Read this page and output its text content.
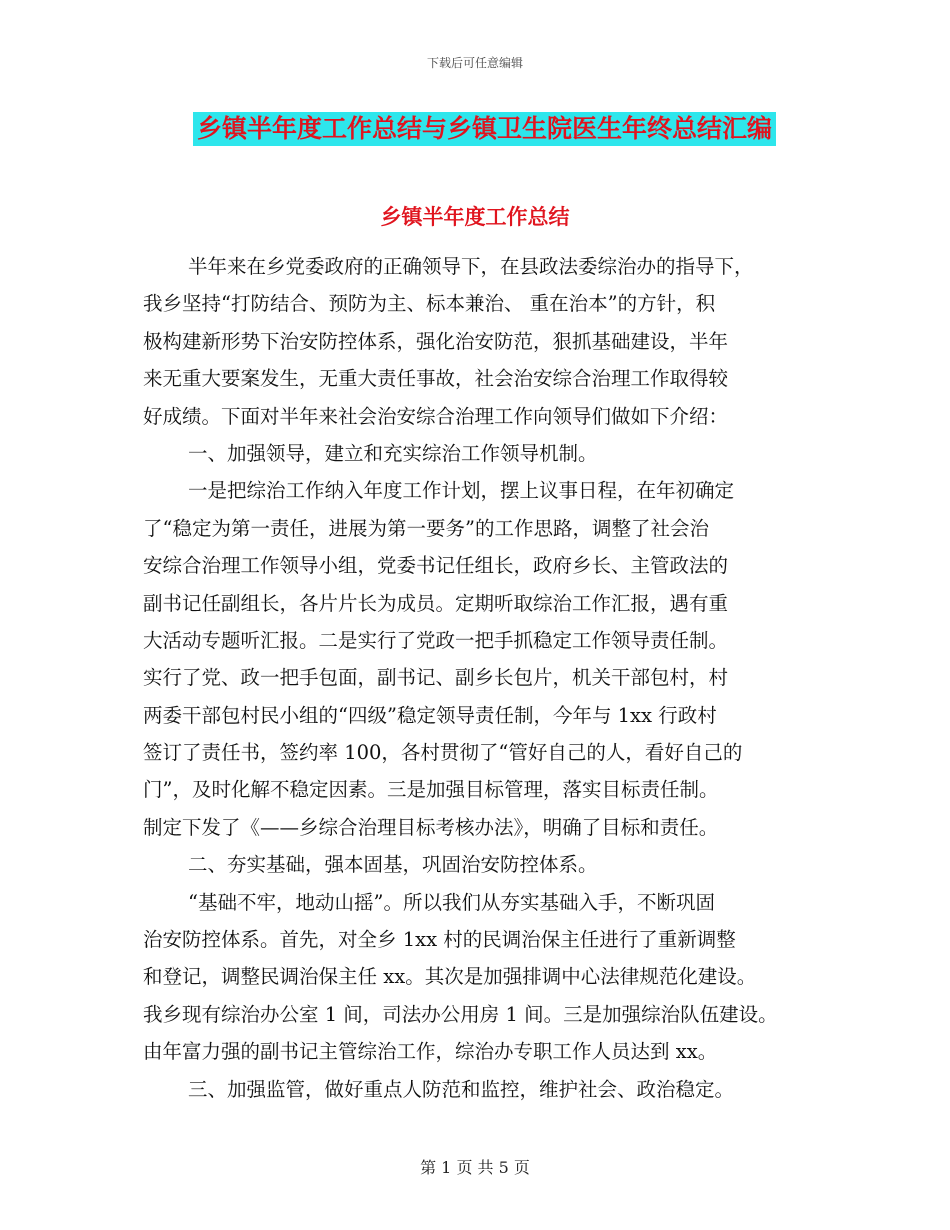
下载后可任意编辑
乡镇半年度工作总结与乡镇卫生院医生年终总结汇编
乡镇半年度工作总结
半年来在乡党委政府的正确领导下，在县政法委综治办的指导下，
我乡坚持“打防结合、预防为主、标本兼治、 重在治本”的方针，积
极构建新形势下治安防控体系，强化治安防范，狠抓基础建设，半年
来无重大要案发生，无重大责任事故，社会治安综合治理工作取得较
好成绩。下面对半年来社会治安综合治理工作向领导们做如下介绍：
一、加强领导，建立和充实综治工作领导机制。
一是把综治工作纳入年度工作计划，摆上议事日程，在年初确定
了“稳定为第一责任，进展为第一要务”的工作思路，调整了社会治
安综合治理工作领导小组，党委书记任组长，政府乡长、主管政法的
副书记任副组长，各片片长为成员。定期听取综治工作汇报，遇有重
大活动专题听汇报。二是实行了党政一把手抓稳定工作领导责任制。
实行了党、政一把手包面，副书记、副乡长包片，机关干部包村，村
两委干部包村民小组的“四级”稳定领导责任制，今年与 1xx 行政村
签订了责任书，签约率 100，各村贯彻了“管好自己的人，看好自己的
门”，及时化解不稳定因素。三是加强目标管理，落实目标责任制。
制定下发了《——乡综合治理目标考核办法》，明确了目标和责任。
二、夯实基础，强本固基，巩固治安防控体系。
“基础不牢，地动山摇”。所以我们从夯实基础入手，不断巩固
治安防控体系。首先，对全乡 1xx 村的民调治保主任进行了重新调整
和登记，调整民调治保主任 xx。其次是加强排调中心法律规范化建设。
我乡现有综治办公室 1 间，司法办公用房 1 间。三是加强综治队伍建设。
由年富力强的副书记主管综治工作，综治办专职工作人员达到 xx。
三、加强监管，做好重点人防范和监控，维护社会、政治稳定。
第 1 页 共 5 页
